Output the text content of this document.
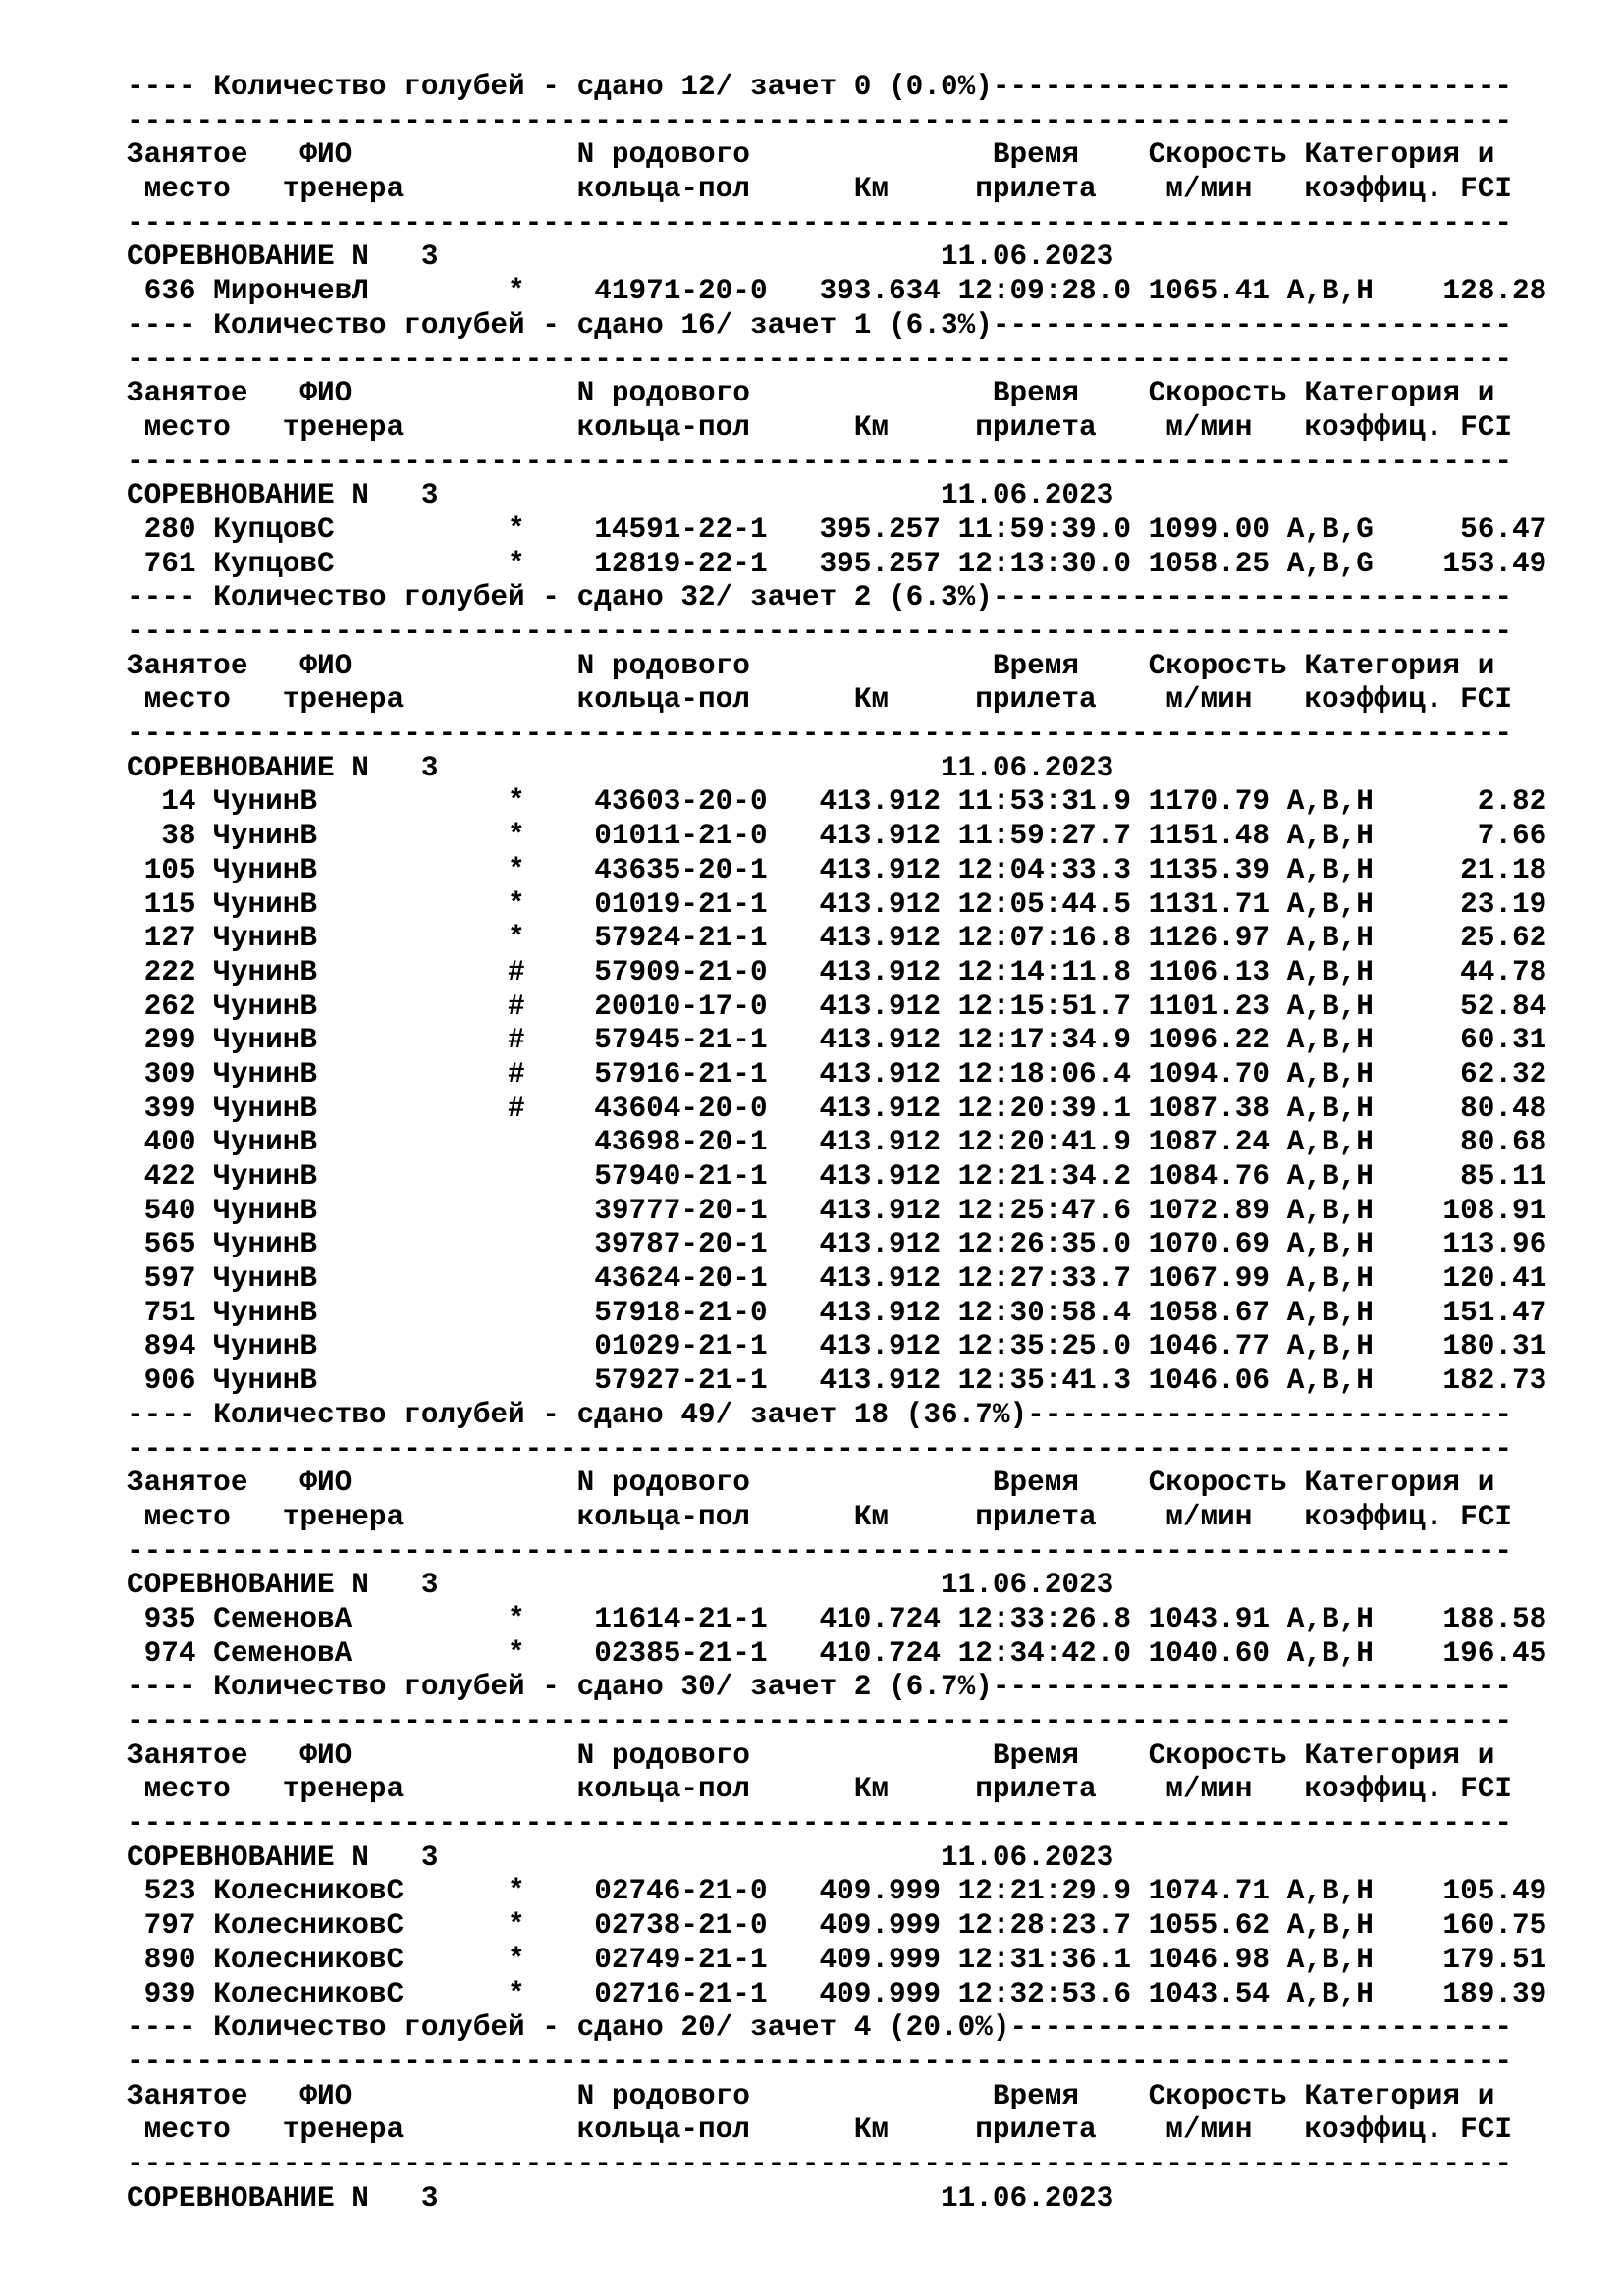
---- Количество голубей - сдано 12/ зачет 0 (0.0%)------------------------------
--------------------------------------------------------------------------------
Занятое   ФИО             N родового              Время    Скорость Категория и
место   тренера          кольца-пол      Км     прилета    м/мин   коэффиц. FCI
--------------------------------------------------------------------------------
СОРЕВНОВАНИЕ N   3                             11.06.2023
636 МирончевЛ        *    41971-20-0   393.634 12:09:28.0 1065.41 A,B,H    128.28
---- Количество голубей - сдано 16/ зачет 1 (6.3%)------------------------------
--------------------------------------------------------------------------------
Занятое   ФИО             N родового              Время    Скорость Категория и
место   тренера          кольца-пол      Км     прилета    м/мин   коэффиц. FCI
--------------------------------------------------------------------------------
СОРЕВНОВАНИЕ N   3                             11.06.2023
280 КупцовС          *    14591-22-1   395.257 11:59:39.0 1099.00 A,B,G     56.47
761 КупцовС          *    12819-22-1   395.257 12:13:30.0 1058.25 A,B,G    153.49
---- Количество голубей - сдано 32/ зачет 2 (6.3%)------------------------------
--------------------------------------------------------------------------------
Занятое   ФИО             N родового              Время    Скорость Категория и
место   тренера          кольца-пол      Км     прилета    м/мин   коэффиц. FCI
--------------------------------------------------------------------------------
СОРЕВНОВАНИЕ N   3                             11.06.2023
14 ЧунинВ           *    43603-20-0   413.912 11:53:31.9 1170.79 A,B,H      2.82
38 ЧунинВ           *    01011-21-0   413.912 11:59:27.7 1151.48 A,B,H      7.66
105 ЧунинВ           *    43635-20-1   413.912 12:04:33.3 1135.39 A,B,H     21.18
115 ЧунинВ           *    01019-21-1   413.912 12:05:44.5 1131.71 A,B,H     23.19
127 ЧунинВ           *    57924-21-1   413.912 12:07:16.8 1126.97 A,B,H     25.62
222 ЧунинВ           #    57909-21-0   413.912 12:14:11.8 1106.13 A,B,H     44.78
262 ЧунинВ           #    20010-17-0   413.912 12:15:51.7 1101.23 A,B,H     52.84
299 ЧунинВ           #    57945-21-1   413.912 12:17:34.9 1096.22 A,B,H     60.31
309 ЧунинВ           #    57916-21-1   413.912 12:18:06.4 1094.70 A,B,H     62.32
399 ЧунинВ           #    43604-20-0   413.912 12:20:39.1 1087.38 A,B,H     80.48
400 ЧунинВ                43698-20-1   413.912 12:20:41.9 1087.24 A,B,H     80.68
422 ЧунинВ                57940-21-1   413.912 12:21:34.2 1084.76 A,B,H     85.11
540 ЧунинВ                39777-20-1   413.912 12:25:47.6 1072.89 A,B,H    108.91
565 ЧунинВ                39787-20-1   413.912 12:26:35.0 1070.69 A,B,H    113.96
597 ЧунинВ                43624-20-1   413.912 12:27:33.7 1067.99 A,B,H    120.41
751 ЧунинВ                57918-21-0   413.912 12:30:58.4 1058.67 A,B,H    151.47
894 ЧунинВ                01029-21-1   413.912 12:35:25.0 1046.77 A,B,H    180.31
906 ЧунинВ                57927-21-1   413.912 12:35:41.3 1046.06 A,B,H    182.73
---- Количество голубей - сдано 49/ зачет 18 (36.7%)----------------------------
--------------------------------------------------------------------------------
Занятое   ФИО             N родового              Время    Скорость Категория и
место   тренера          кольца-пол      Км     прилета    м/мин   коэффиц. FCI
--------------------------------------------------------------------------------
СОРЕВНОВАНИЕ N   3                             11.06.2023
935 СеменовА         *    11614-21-1   410.724 12:33:26.8 1043.91 A,B,H    188.58
974 СеменовА         *    02385-21-1   410.724 12:34:42.0 1040.60 A,B,H    196.45
---- Количество голубей - сдано 30/ зачет 2 (6.7%)------------------------------
--------------------------------------------------------------------------------
Занятое   ФИО             N родового              Время    Скорость Категория и
место   тренера          кольца-пол      Км     прилета    м/мин   коэффиц. FCI
--------------------------------------------------------------------------------
СОРЕВНОВАНИЕ N   3                             11.06.2023
523 КолесниковС      *    02746-21-0   409.999 12:21:29.9 1074.71 A,B,H    105.49
797 КолесниковС      *    02738-21-0   409.999 12:28:23.7 1055.62 A,B,H    160.75
890 КолесниковС      *    02749-21-1   409.999 12:31:36.1 1046.98 A,B,H    179.51
939 КолесниковС      *    02716-21-1   409.999 12:32:53.6 1043.54 A,B,H    189.39
---- Количество голубей - сдано 20/ зачет 4 (20.0%)-----------------------------
--------------------------------------------------------------------------------
Занятое   ФИО             N родового              Время    Скорость Категория и
место   тренера          кольца-пол      Км     прилета    м/мин   коэффиц. FCI
--------------------------------------------------------------------------------
СОРЕВНОВАНИЕ N   3                             11.06.2023
